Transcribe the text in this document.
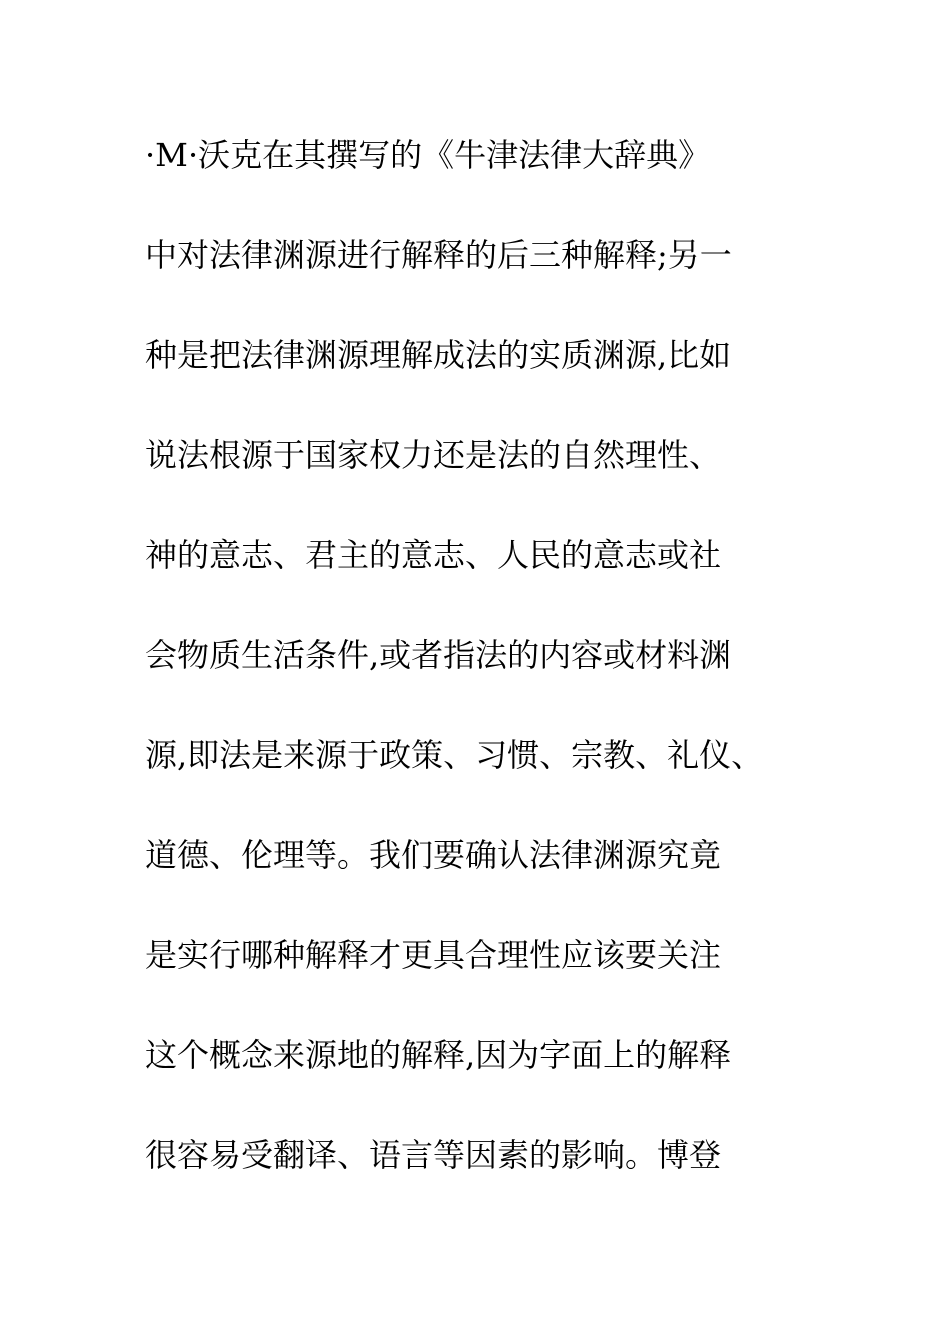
·M·沃克在其撰写的《牛津法律大辞典》
中对法律渊源进行解释的后三种解释;另一
种是把法律渊源理解成法的实质渊源,比如
说法根源于国家权力还是法的自然理性、
神的意志、君主的意志、人民的意志或社
会物质生活条件,或者指法的内容或材料渊
源,即法是来源于政策、习惯、宗教、礼仪、
道德、伦理等。我们要确认法律渊源究竟
是实行哪种解释才更具合理性应该要关注
这个概念来源地的解释,因为字面上的解释
很容易受翻译、语言等因素的影响。博登
